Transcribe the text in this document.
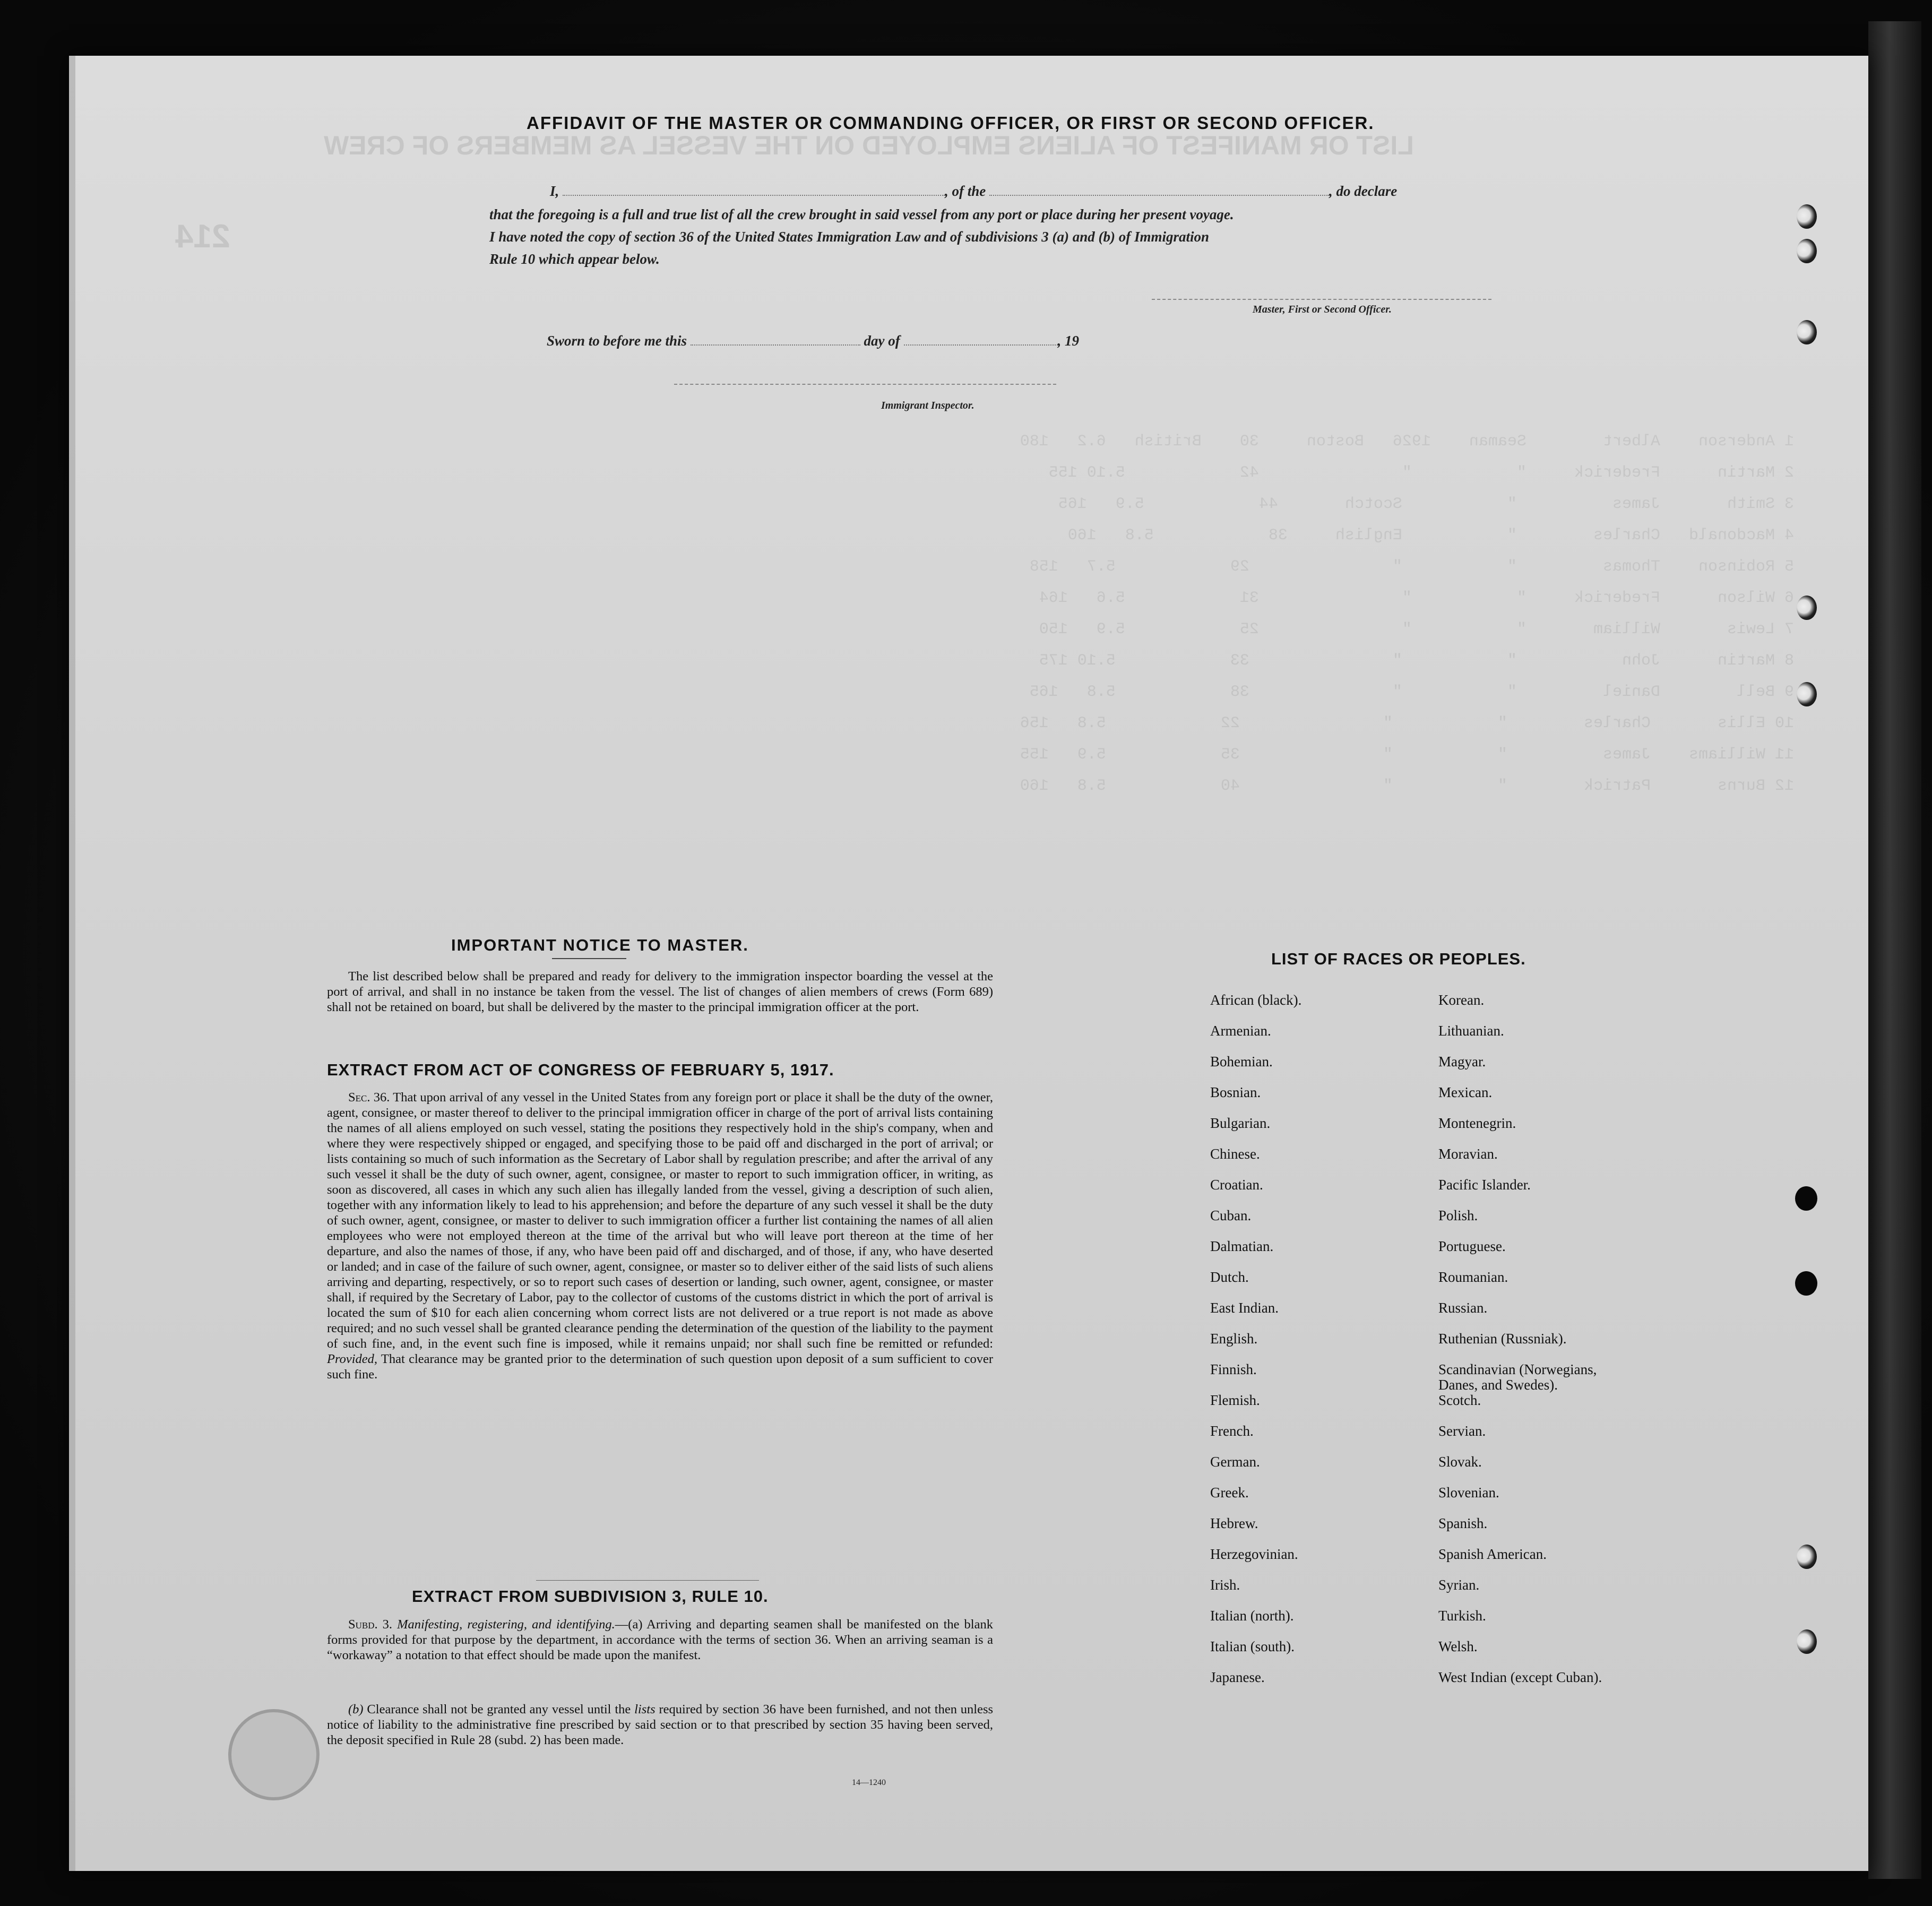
LIST OR MANIFEST OF ALIENS EMPLOYED ON THE VESSEL AS MEMBERS OF CREW
214
1 Anderson    Albert        Seaman    1926   Boston     30    British   6.2   180
2 Martin      Frederick     "           "               42            5.10 155
3 Smith       James          "           Scotch       44            5.9   165
4 Macdonald   Charles        "           English     38            5.8   160
5 Robinson    Thomas         "           "               29            5.7   158
6 Wilson      Frederick     "           "               31            5.6   164
7 Lewis       William       "           "               25            5.9   150
8 Martin      John           "           "               33            5.10 175
9 Bell        Daniel         "           "               38            5.8   165
10 Ellis       Charles        "           "               22            5.8   156
11 Williams    James          "           "               35            5.9   155
12 Burns       Patrick        "           "               40            5.8   160
AFFIDAVIT OF THE MASTER OR COMMANDING OFFICER, OR FIRST OR SECOND OFFICER.
I,	, of the	, do declare
that the foregoing is a full and true list of all the crew brought in said vessel from any port or place during her present voyage.
I have noted the copy of section 36 of the United States Immigration Law and of subdivisions 3 (a) and (b) of Immigration
Rule 10 which appear below.
Master, First or Second Officer.
Sworn to before me this	day of	, 19
Immigrant Inspector.
IMPORTANT NOTICE TO MASTER.
The list described below shall be prepared and ready for delivery to the immigration inspector boarding the vessel at the port of arrival, and shall in no instance be taken from the vessel. The list of changes of alien members of crews (Form 689) shall not be retained on board, but shall be delivered by the master to the principal immigration officer at the port.
EXTRACT FROM ACT OF CONGRESS OF FEBRUARY 5, 1917.
Sec. 36. That upon arrival of any vessel in the United States from any foreign port or place it shall be the duty of the owner, agent, consignee, or master thereof to deliver to the principal immigration officer in charge of the port of arrival lists containing the names of all aliens employed on such vessel, stating the positions they respectively hold in the ship's company, when and where they were respectively shipped or engaged, and specifying those to be paid off and discharged in the port of arrival; or lists containing so much of such information as the Secretary of Labor shall by regulation prescribe; and after the arrival of any such vessel it shall be the duty of such owner, agent, consignee, or master to report to such immigration officer, in writing, as soon as discovered, all cases in which any such alien has illegally landed from the vessel, giving a description of such alien, together with any information likely to lead to his apprehension; and before the departure of any such vessel it shall be the duty of such owner, agent, consignee, or master to deliver to such immigration officer a further list containing the names of all alien employees who were not employed thereon at the time of the arrival but who will leave port thereon at the time of her departure, and also the names of those, if any, who have been paid off and discharged, and of those, if any, who have deserted or landed; and in case of the failure of such owner, agent, consignee, or master so to deliver either of the said lists of such aliens arriving and departing, respectively, or so to report such cases of desertion or landing, such owner, agent, consignee, or master shall, if required by the Secretary of Labor, pay to the collector of customs of the customs district in which the port of arrival is located the sum of $10 for each alien concerning whom correct lists are not delivered or a true report is not made as above required; and no such vessel shall be granted clearance pending the determination of the question of the liability to the payment of such fine, and, in the event such fine is imposed, while it remains unpaid; nor shall such fine be remitted or refunded: Provided, That clearance may be granted prior to the determination of such question upon deposit of a sum sufficient to cover such fine.
EXTRACT FROM SUBDIVISION 3, RULE 10.
Subd. 3. Manifesting, registering, and identifying.—(a) Arriving and departing seamen shall be manifested on the blank forms provided for that purpose by the department, in accordance with the terms of section 36. When an arriving seaman is a “workaway” a notation to that effect should be made upon the manifest.
(b) Clearance shall not be granted any vessel until the lists required by section 36 have been furnished, and not then unless notice of liability to the administrative fine prescribed by said section or to that prescribed by section 35 having been served, the deposit specified in Rule 28 (subd. 2) has been made.
14—1240
LIST OF RACES OR PEOPLES.
African (black).	Korean.
Armenian.	Lithuanian.
Bohemian.	Magyar.
Bosnian.	Mexican.
Bulgarian.	Montenegrin.
Chinese.	Moravian.
Croatian.	Pacific Islander.
Cuban.	Polish.
Dalmatian.	Portuguese.
Dutch.	Roumanian.
East Indian.	Russian.
English.	Ruthenian (Russniak).
Finnish.	Scandinavian (Norwegians,
Danes, and Swedes).
Flemish.	Scotch.
French.	Servian.
German.	Slovak.
Greek.	Slovenian.
Hebrew.	Spanish.
Herzegovinian.	Spanish American.
Irish.	Syrian.
Italian (north).	Turkish.
Italian (south).	Welsh.
Japanese.	West Indian (except Cuban).
